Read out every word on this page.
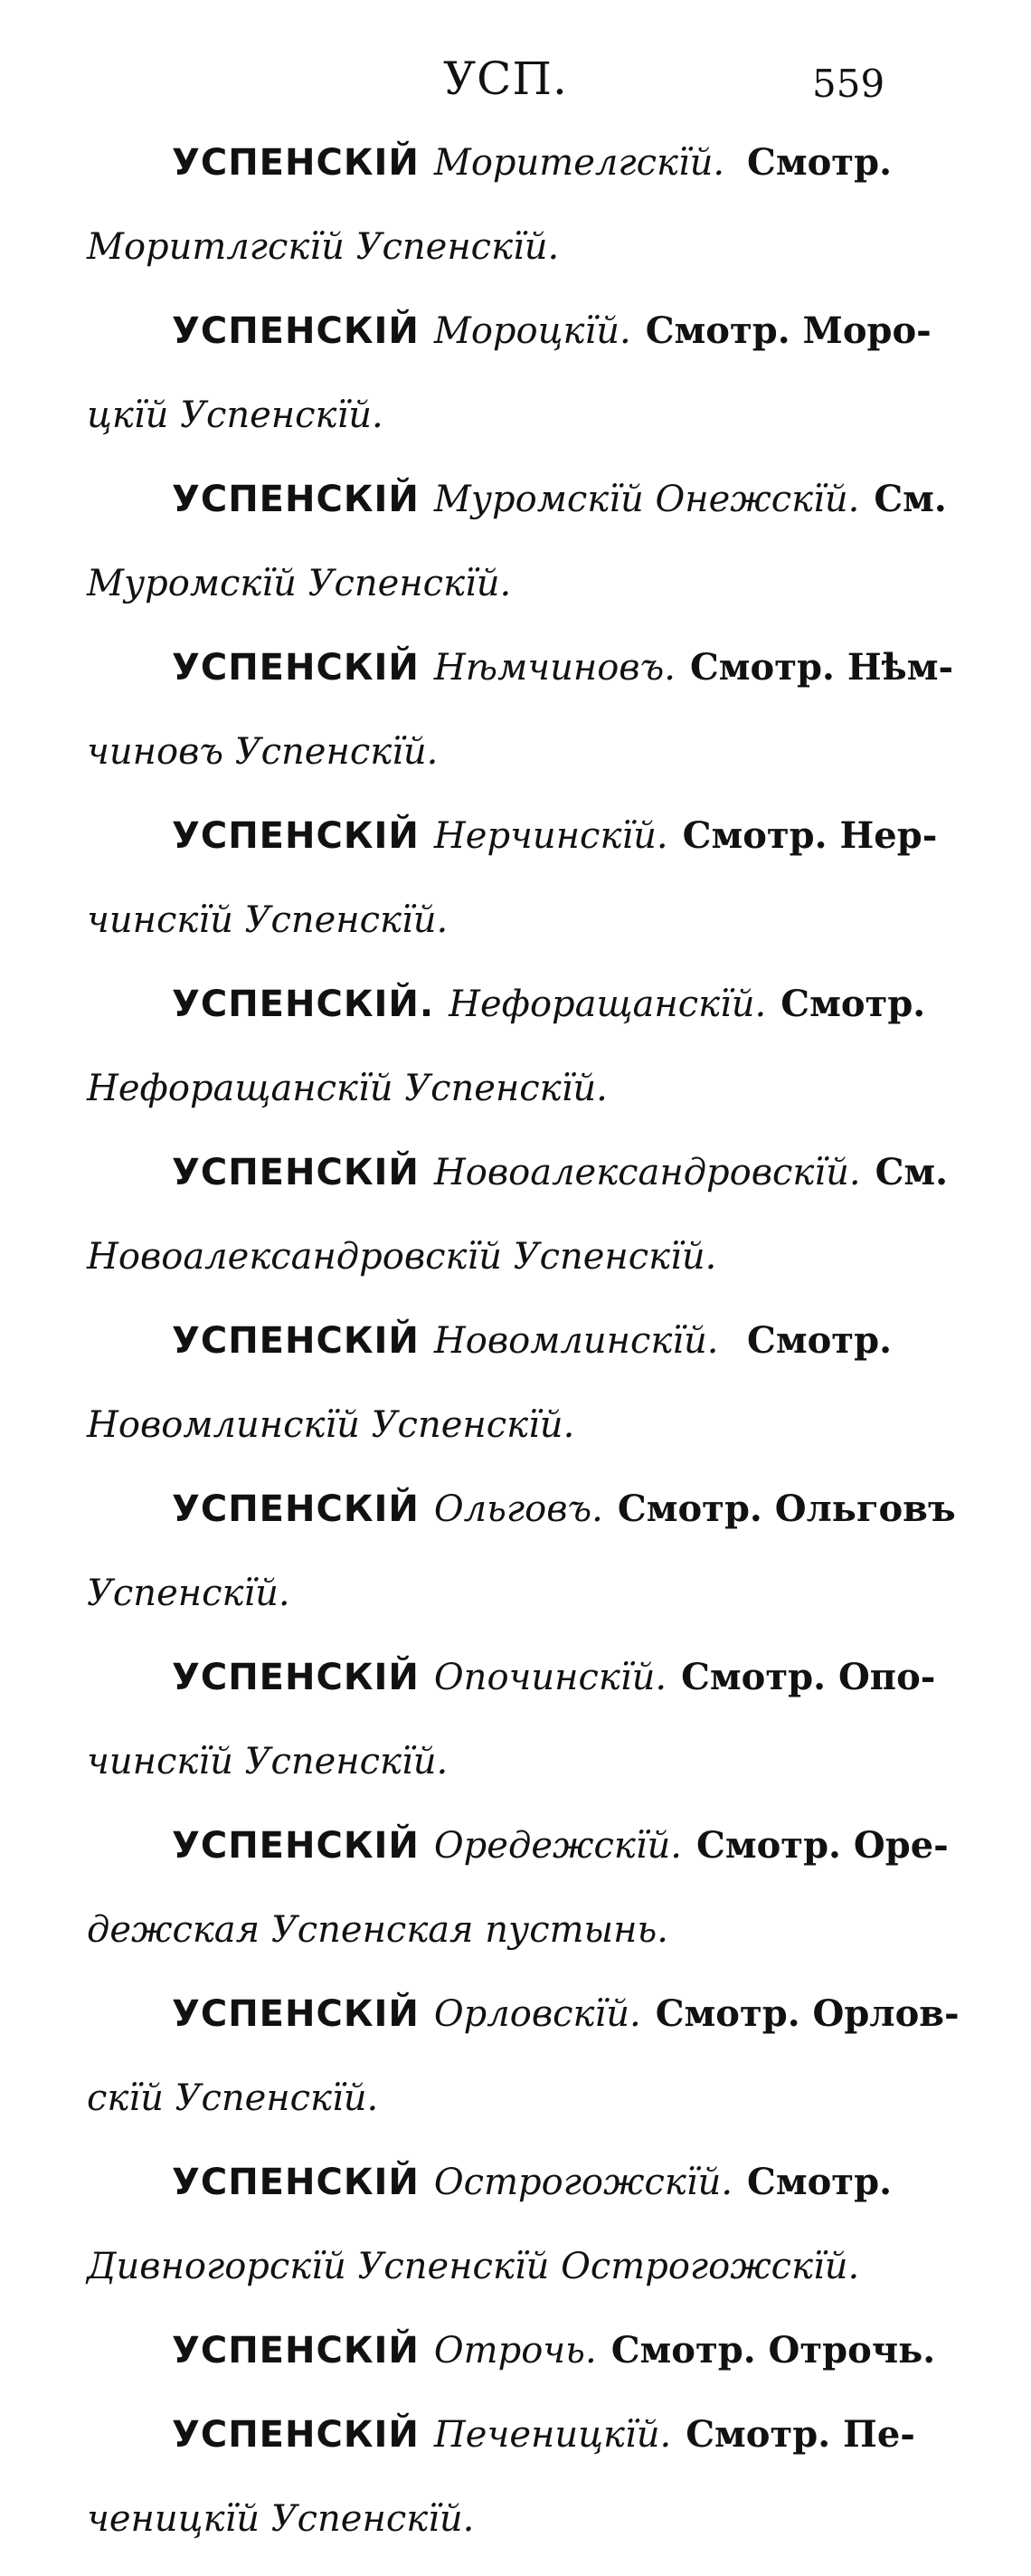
УСП.	559
УСПЕНСКІЙ Морителгскїй. Смотр.
Моритлгскїй Успенскїй.
УСПЕНСКІЙ Мороцкїй. Смотр. Моро-
цкїй Успенскїй.
УСПЕНСКІЙ Муромскїй Онежскїй. См.
Муромскїй Успенскїй.
УСПЕНСКІЙ Нѣмчиновъ. Смотр. Нѣм-
чиновъ Успенскїй.
УСПЕНСКІЙ Нерчинскїй. Смотр. Нер-
чинскїй Успенскїй.
УСПЕНСКІЙ. Нефоращанскїй. Смотр.
Нефоращанскїй Успенскїй.
УСПЕНСКІЙ Новоалександровскїй. См.
Новоалександровскїй Успенскїй.
УСПЕНСКІЙ Новомлинскїй. Смотр.
Новомлинскїй Успенскїй.
УСПЕНСКІЙ Ольговъ. Смотр. Ольговъ
Успенскїй.
УСПЕНСКІЙ Опочинскїй. Смотр. Опо-
чинскїй Успенскїй.
УСПЕНСКІЙ Оредежскїй. Смотр. Оре-
дежская Успенская пустынь.
УСПЕНСКІЙ Орловскїй. Смотр. Орлов-
скїй Успенскїй.
УСПЕНСКІЙ Острогожскїй. Смотр.
Дивногорскїй Успенскїй Острогожскїй.
УСПЕНСКІЙ Отрочь. Смотр. Отрочь.
УСПЕНСКІЙ Печеницкїй. Смотр. Пе-
ченицкїй Успенскїй.
